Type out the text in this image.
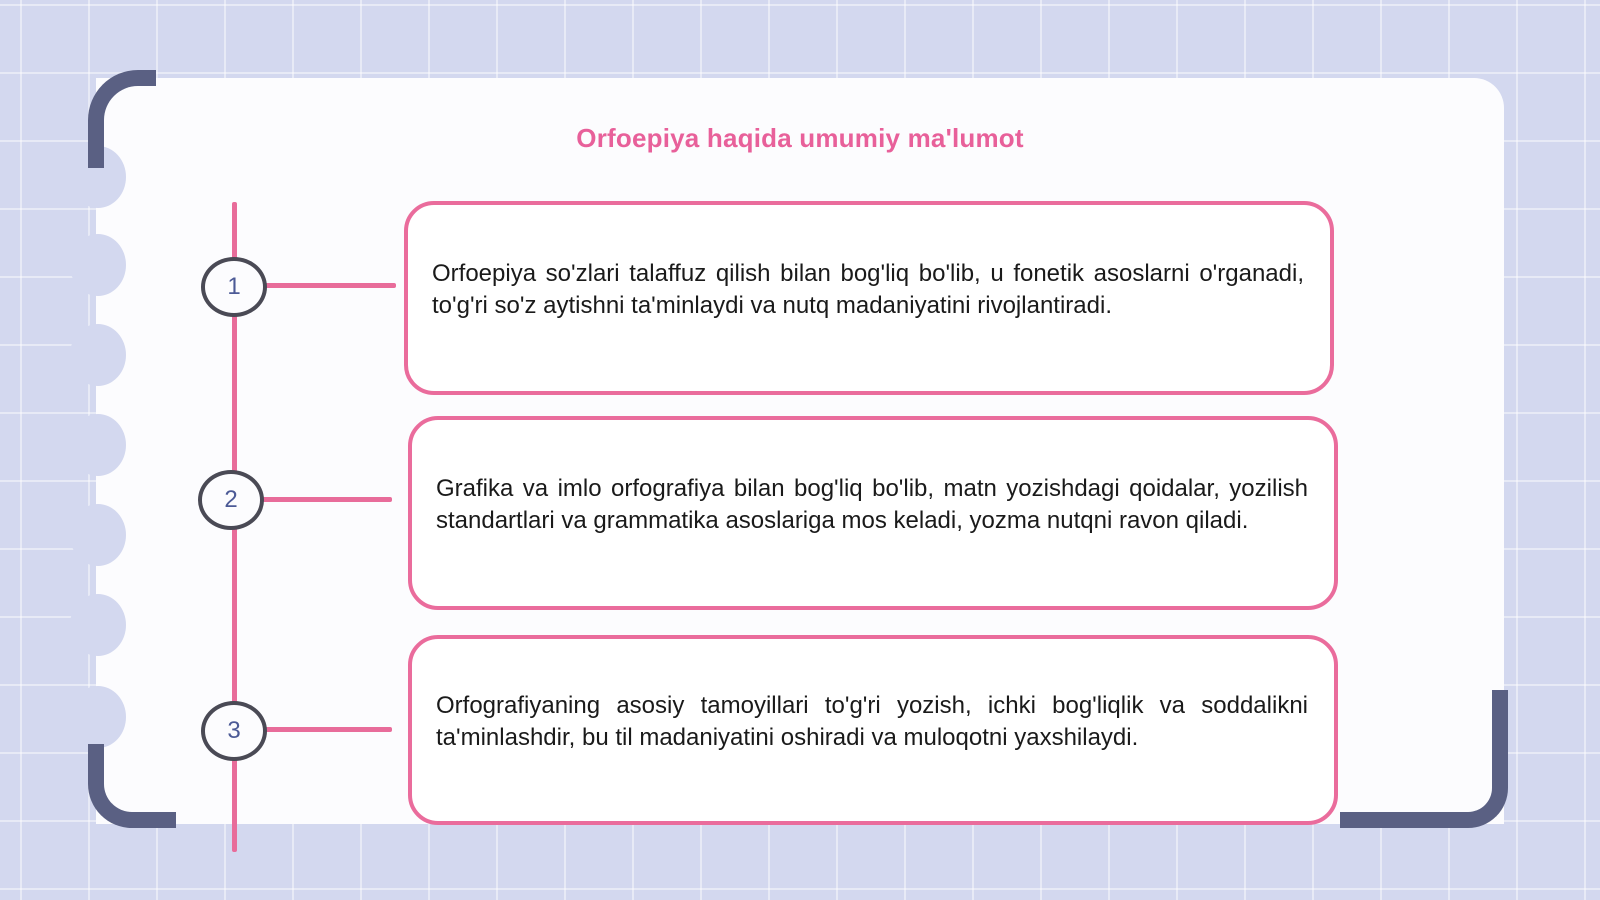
Orfoepiya haqida umumiy ma'lumot
1	Orfoepiya so'zlari talaffuz qilish bilan bog'liq bo'lib, u fonetik asoslarni o'rganadi, to'g'ri so'z aytishni ta'minlaydi va nutq madaniyatini rivojlantiradi.
2	Grafika va imlo orfografiya bilan bog'liq bo'lib, matn yozishdagi qoidalar, yozilish standartlari va grammatika asoslariga mos keladi, yozma nutqni ravon qiladi.
3
Orfografiyaning asosiy tamoyillari to'g'ri yozish, ichki bog'liqlik va soddalikni ta'minlashdir, bu til madaniyatini oshiradi va muloqotni yaxshilaydi.
